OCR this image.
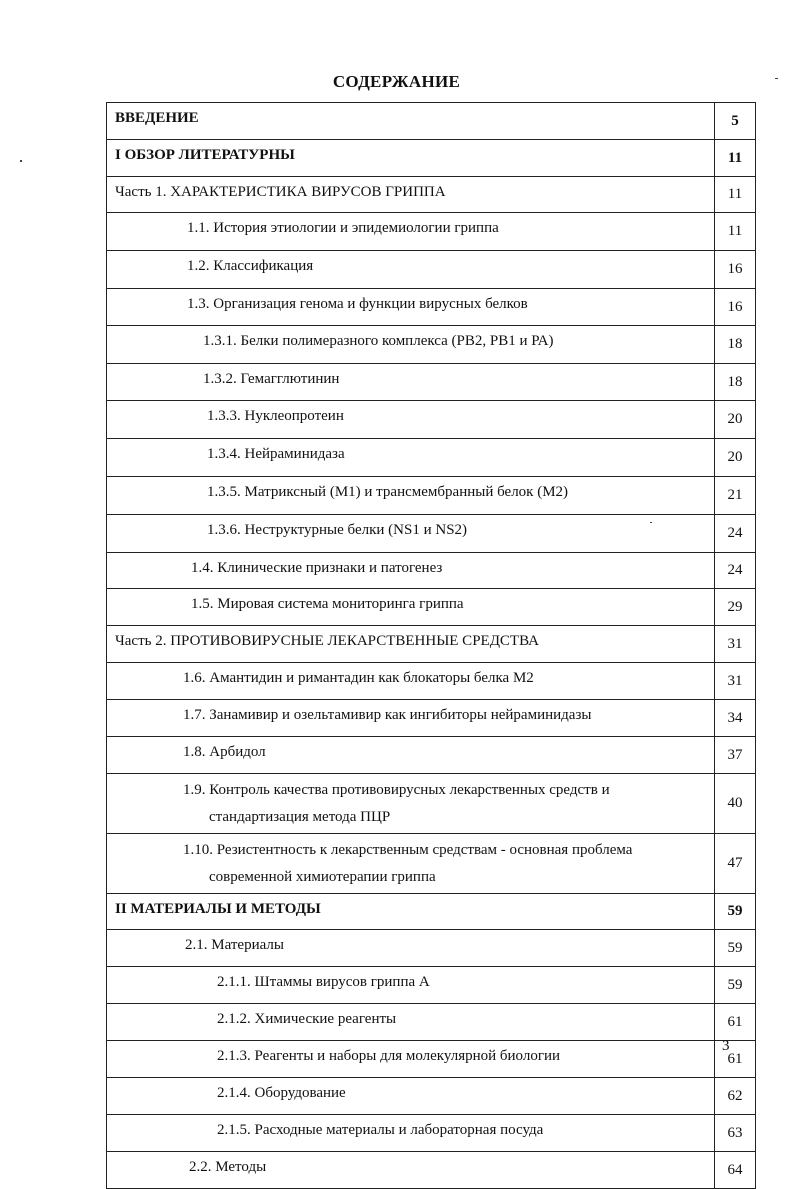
СОДЕРЖАНИЕ
ВВЕДЕНИЕ	5
I ОБЗОР ЛИТЕРАТУРНЫ	11
Часть 1. ХАРАКТЕРИСТИКА ВИРУСОВ ГРИППА	11
1.1. История этиологии и эпидемиологии гриппа	11
1.2. Классификация	16
1.3. Организация генома и функции вирусных белков	16
1.3.1. Белки полимеразного комплекса (РВ2, РВ1 и РА)	18
1.3.2. Гемагглютинин	18
1.3.3. Нуклеопротеин	20
1.3.4. Нейраминидаза	20
1.3.5. Матриксный (М1) и трансмембранный белок (М2)	21
1.3.6. Неструктурные белки (NS1 и NS2)	24
1.4. Клинические признаки и патогенез	24
1.5. Мировая система мониторинга гриппа	29
Часть 2. ПРОТИВОВИРУСНЫЕ ЛЕКАРСТВЕННЫЕ СРЕДСТВА	31
1.6. Амантидин и римантадин как блокаторы белка М2	31
1.7. Занамивир и озельтамивир как ингибиторы нейраминидазы	34
1.8. Арбидол	37

1.9. Контроль качества противовирусных лекарственных средств и
стандартизация метода ПЦР	40

1.10. Резистентность к лекарственным средствам - основная проблема
современной химиотерапии гриппа	47
II МАТЕРИАЛЫ И МЕТОДЫ	59
2.1. Материалы	59
2.1.1. Штаммы вирусов гриппа А	59
2.1.2. Химические реагенты	61
2.1.3. Реагенты и наборы для молекулярной биологии	61
2.1.4. Оборудование	62
2.1.5. Расходные материалы и лабораторная посуда	63
2.2. Методы	64
3
